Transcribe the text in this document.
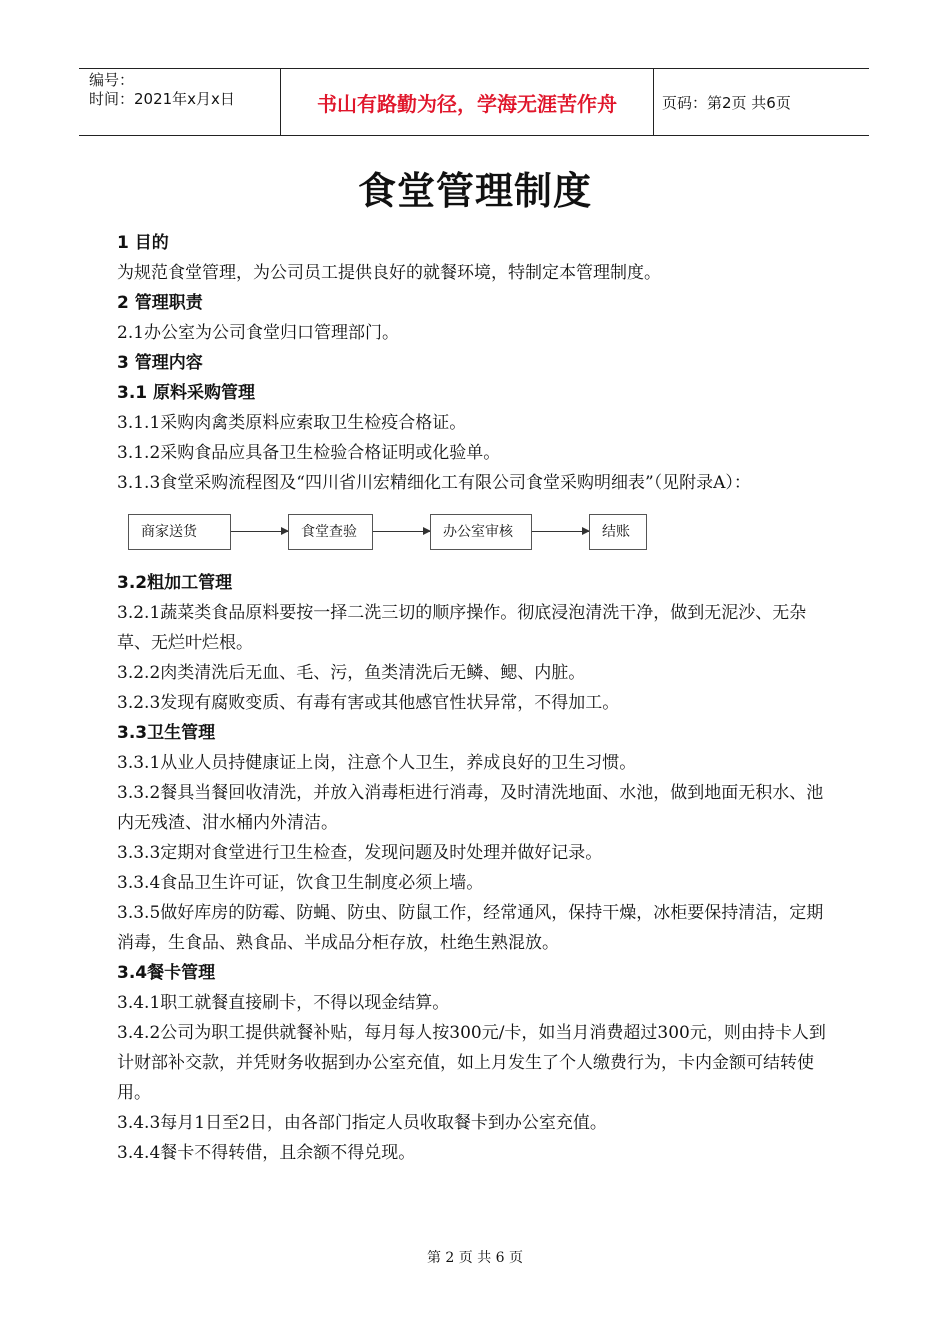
编号：
时间：2021年x月x日	书山有路勤为径，学海无涯苦作舟	页码：第2页 共6页
食堂管理制度
1 目的
为规范食堂管理，为公司员工提供良好的就餐环境，特制定本管理制度。
2 管理职责
2.1办公室为公司食堂归口管理部门。
3 管理内容
3.1 原料采购管理
3.1.1采购肉禽类原料应索取卫生检疫合格证。
3.1.2采购食品应具备卫生检验合格证明或化验单。
3.1.3食堂采购流程图及“四川省川宏精细化工有限公司食堂采购明细表”（见附录A）：
商家送货	食堂查验	办公室审核	结账
3.2粗加工管理
3.2.1蔬菜类食品原料要按一择二洗三切的顺序操作。彻底浸泡清洗干净，做到无泥沙、无杂草、无烂叶烂根。
3.2.2肉类清洗后无血、毛、污，鱼类清洗后无鳞、鳃、内脏。
3.2.3发现有腐败变质、有毒有害或其他感官性状异常，不得加工。
3.3卫生管理
3.3.1从业人员持健康证上岗，注意个人卫生，养成良好的卫生习惯。
3.3.2餐具当餐回收清洗，并放入消毒柜进行消毒，及时清洗地面、水池，做到地面无积水、池内无残渣、泔水桶内外清洁。
3.3.3定期对食堂进行卫生检查，发现问题及时处理并做好记录。
3.3.4食品卫生许可证，饮食卫生制度必须上墙。
3.3.5做好库房的防霉、防蝇、防虫、防鼠工作，经常通风，保持干燥，冰柜要保持清洁，定期消毒，生食品、熟食品、半成品分柜存放，杜绝生熟混放。
3.4餐卡管理
3.4.1职工就餐直接刷卡，不得以现金结算。
3.4.2公司为职工提供就餐补贴，每月每人按300元/卡，如当月消费超过300元，则由持卡人到计财部补交款，并凭财务收据到办公室充值，如上月发生了个人缴费行为，卡内金额可结转使用。
3.4.3每月1日至2日，由各部门指定人员收取餐卡到办公室充值。
3.4.4餐卡不得转借，且余额不得兑现。
第 2 页 共 6 页
